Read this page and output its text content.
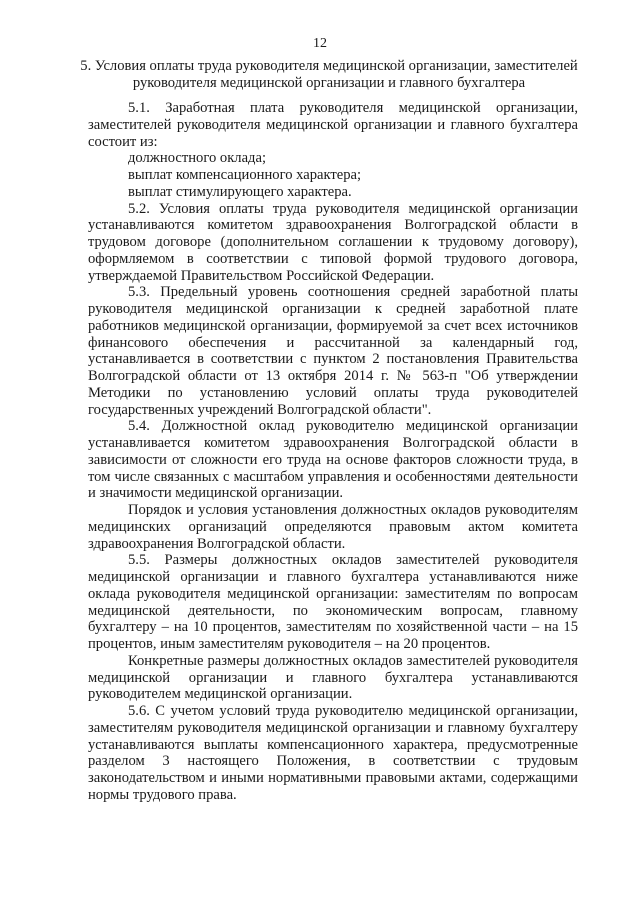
12
5. Условия оплаты труда руководителя медицинской организации, заместителей руководителя медицинской организации и главного бухгалтера

5.1. Заработная плата руководителя медицинской организации, заместителей руководителя медицинской организации и главного бухгалтера состоит из:

должностного оклада;

выплат компенсационного характера;

выплат стимулирующего характера.

5.2. Условия оплаты труда руководителя медицинской организации устанавливаются комитетом здравоохранения Волгоградской области в трудовом договоре (дополнительном соглашении к трудовому договору), оформляемом в соответствии с типовой формой трудового договора, утверждаемой Правительством Российской Федерации.

5.3. Предельный уровень соотношения средней заработной платы руководителя медицинской организации к средней заработной плате работников медицинской организации, формируемой за счет всех источников финансового обеспечения и рассчитанной за календарный год, устанавливается в соответствии с пунктом 2 постановления Правительства Волгоградской области от 13 октября 2014 г. № 563-п "Об утверждении Методики по установлению условий оплаты труда руководителей государственных учреждений Волгоградской области".

5.4. Должностной оклад руководителю медицинской организации устанавливается комитетом здравоохранения Волгоградской области в зависимости от сложности его труда на основе факторов сложности труда, в том числе связанных с масштабом управления и особенностями деятельности и значимости медицинской организации.

Порядок и условия установления должностных окладов руководителям медицинских организаций определяются правовым актом комитета здравоохранения Волгоградской области.

5.5. Размеры должностных окладов заместителей руководителя медицинской организации и главного бухгалтера устанавливаются ниже оклада руководителя медицинской организации: заместителям по вопросам медицинской деятельности, по экономическим вопросам, главному бухгалтеру – на 10 процентов, заместителям по хозяйственной части – на 15 процентов, иным заместителям руководителя – на 20 процентов.

Конкретные размеры должностных окладов заместителей руководителя медицинской организации и главного бухгалтера устанавливаются руководителем медицинской организации.

5.6. С учетом условий труда руководителю медицинской организации, заместителям руководителя медицинской организации и главному бухгалтеру устанавливаются выплаты компенсационного характера, предусмотренные разделом 3 настоящего Положения, в соответствии с трудовым законодательством и иными нормативными правовыми актами, содержащими нормы трудового права.
